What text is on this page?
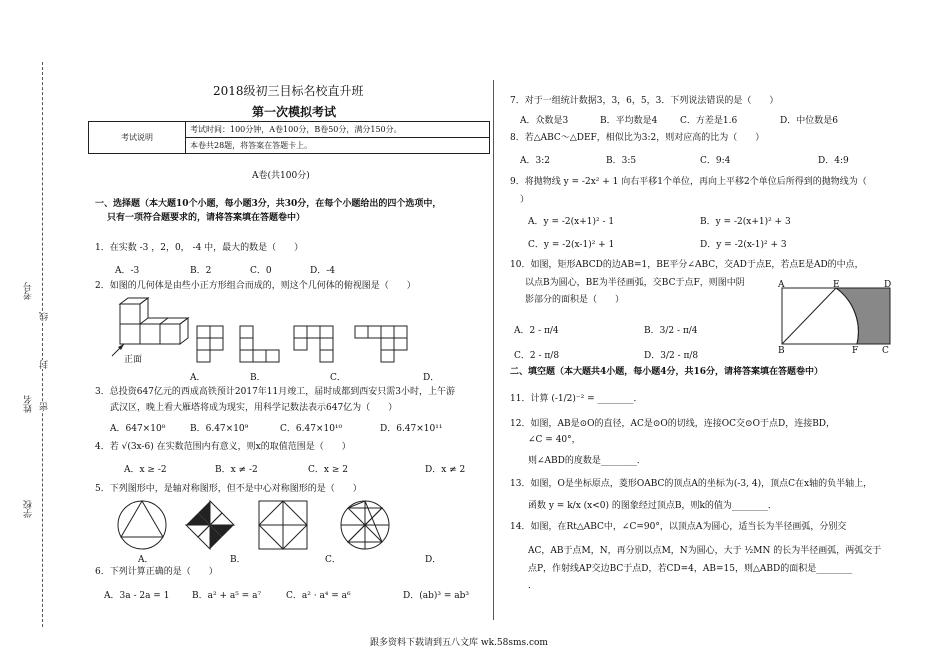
考号
线
封
姓名 密
学校
2018级初三目标名校直升班
第一次模拟考试
考试说明	考试时间：100分钟，A卷100分，B卷50分，满分150分。
本卷共28题，将答案在答题卡上。
A卷(共100分)
一、选择题（本大题10个小题，每小题3分，共30分，在每个小题给出的四个选项中，
只有一项符合题要求的，请将答案填在答题卷中）
1．在实数 -3 ，2，0， -4 中，最大的数是（　　）
A．-3	B．2	C．0	D．-4
2．如图的几何体是由些小正方形组合而成的，则这个几何体的俯视图是（　　）
正面
A．	B．	C．	D．
3．总投资647亿元的西成高铁预计2017年11月竣工，届时成都到西安只需3小时，上午游
武汉区，晚上看大雁塔将成为现实，用科学记数法表示647亿为（　　）
A．647×10⁸	B．6.47×10⁹	C．6.47×10¹⁰	D．6.47×10¹¹
4．若 √(3x-6) 在实数范围内有意义，则x的取值范围是（　　）
A．x ≥ -2	B．x ≠ -2	C．x ≥ 2	D．x ≠ 2
5．下列图形中，是轴对称图形，但不是中心对称图形的是（　　）
A．	B．	C．	D．
6．下列计算正确的是（　　）
A．3a - 2a = 1	B．a² + a⁵ = a⁷	C．a² · a⁴ = a⁶	D．(ab)³ = ab³
7．对于一组统计数据3，3，6，5，3．下列说法错误的是（　　）
A．众数是3	B．平均数是4	C．方差是1.6	D．中位数是6
8．若△ABC～△DEF，相似比为3:2，则对应高的比为（　　）
A．3:2	B．3:5	C．9:4	D．4:9
9．将抛物线 y = -2x² + 1 向右平移1个单位，再向上平移2个单位后所得到的抛物线为（
）
A．y = -2(x+1)² - 1	B．y = -2(x+1)² + 3
C．y = -2(x-1)² + 1	D．y = -2(x-1)² + 3
10．如图，矩形ABCD的边AB=1，BE平分∠ABC，交AD于点E，若点E是AD的中点，
以点B为圆心，BE为半径画弧，交BC于点F，则图中阴
影部分的面积是（　　）
A．2 - π/4	B．3/2 - π/4
C．2 - π/8	D．3/2 - π/8
A	E	D
B	F	C
二、填空题（本大题共4小题，每小题4分，共16分，请将答案填在答题卷中）
11．计算 (-1/2)⁻² = ________．
12．如图，AB是⊙O的直径，AC是⊙O的切线，连接OC交⊙O于点D，连接BD，
∠C = 40°，
则∠ABD的度数是________．
13．如图，O是坐标原点，菱形OABC的顶点A的坐标为(-3, 4)，顶点C在x轴的负半轴上，
函数 y = k/x (x<0) 的图象经过顶点B，则k的值为________．
14．如图，在Rt△ABC中，∠C=90°，以顶点A为圆心，适当长为半径画弧，分别交
AC，AB于点M，N，再分别以点M，N为圆心，大于 ½MN 的长为半径画弧，两弧交于
点P，作射线AP交边BC于点D，若CD=4，AB=15，则△ABD的面积是________
．
跟多资料下载请到五八文库 wk.58sms.com
